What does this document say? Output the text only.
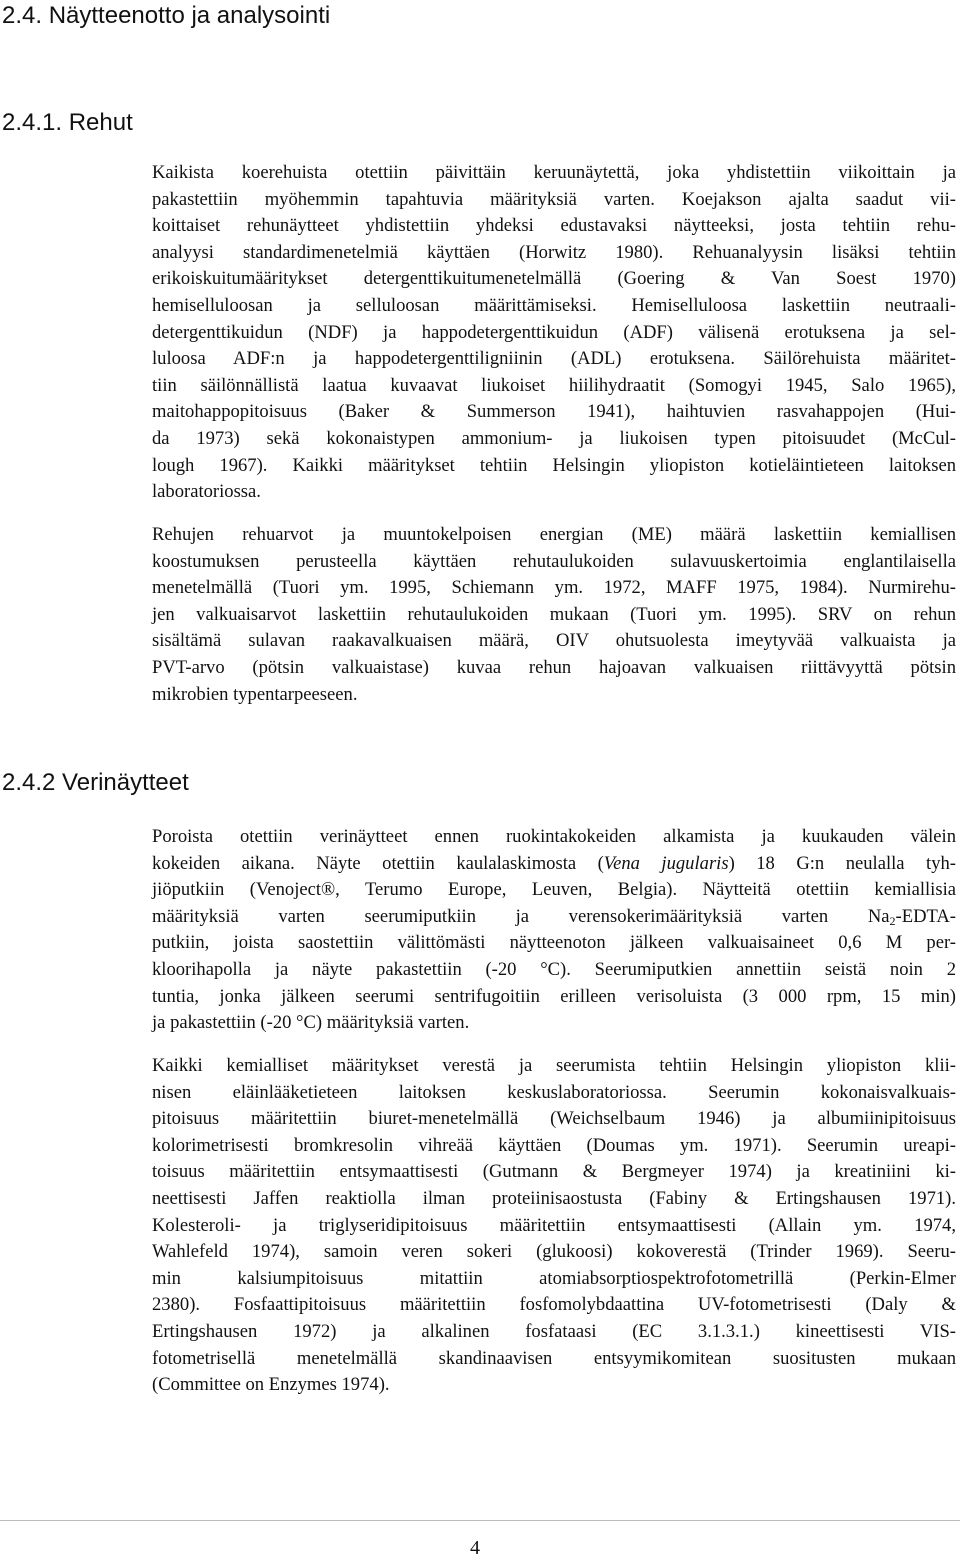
2.4. Näytteenotto ja analysointi
2.4.1. Rehut
Kaikista koerehuista otettiin päivittäin keruunäytettä, joka yhdistettiin viikoittain ja
pakastettiin myöhemmin tapahtuvia määrityksiä varten. Koejakson ajalta saadut vii-
koittaiset rehunäytteet yhdistettiin yhdeksi edustavaksi näytteeksi, josta tehtiin rehu-
analyysi standardimenetelmiä käyttäen (Horwitz 1980). Rehuanalyysin lisäksi tehtiin
erikoiskuitumääritykset detergenttikuitumenetelmällä (Goering & Van Soest 1970)
hemiselluloosan ja selluloosan määrittämiseksi. Hemiselluloosa laskettiin neutraali-
detergenttikuidun (NDF) ja happodetergenttikuidun (ADF) välisenä erotuksena ja sel-
luloosa ADF:n ja happodetergenttiligniinin (ADL) erotuksena. Säilörehuista määritet-
tiin säilönnällistä laatua kuvaavat liukoiset hiilihydraatit (Somogyi 1945, Salo 1965),
maitohappopitoisuus (Baker & Summerson 1941), haihtuvien rasvahappojen (Hui-
da 1973) sekä kokonaistypen ammonium- ja liukoisen typen pitoisuudet (McCul-
lough 1967). Kaikki määritykset tehtiin Helsingin yliopiston kotieläintieteen laitoksen
laboratoriossa.
Rehujen rehuarvot ja muuntokelpoisen energian (ME) määrä laskettiin kemiallisen
koostumuksen perusteella käyttäen rehutaulukoiden sulavuuskertoimia englantilaisella
menetelmällä (Tuori ym. 1995, Schiemann ym. 1972, MAFF 1975, 1984). Nurmirehu-
jen valkuaisarvot laskettiin rehutaulukoiden mukaan (Tuori ym. 1995). SRV on rehun
sisältämä sulavan raakavalkuaisen määrä, OIV ohutsuolesta imeytyvää valkuaista ja
PVT-arvo (pötsin valkuaistase) kuvaa rehun hajoavan valkuaisen riittävyyttä pötsin
mikrobien typentarpeeseen.
2.4.2 Verinäytteet
Poroista otettiin verinäytteet ennen ruokintakokeiden alkamista ja kuukauden välein
kokeiden aikana. Näyte otettiin kaulalaskimosta (Vena jugularis) 18 G:n neulalla tyh-
jiöputkiin (Venoject®, Terumo Europe, Leuven, Belgia). Näytteitä otettiin kemiallisia
määrityksiä varten seerumiputkiin ja verensokerimäärityksiä varten $Na_2-EDTA-$
putkiin, joista saostettiin välittömästi näytteenoton jälkeen valkuaisaineet 0,6 M per-
kloorihapolla ja näyte pakastettiin (-20 °C). Seerumiputkien annettiin seistä noin 2
tuntia, jonka jälkeen seerumi sentrifugoitiin erilleen verisoluista (3 000 rpm, 15 min)
ja pakastettiin (-20 °C) määrityksiä varten.
Kaikki kemialliset määritykset verestä ja seerumista tehtiin Helsingin yliopiston klii-
nisen eläinlääketieteen laitoksen keskuslaboratoriossa. Seerumin kokonaisvalkuais-
pitoisuus määritettiin biuret-menetelmällä (Weichselbaum 1946) ja albumiinipitoisuus
kolorimetrisesti bromkresolin vihreää käyttäen (Doumas ym. 1971). Seerumin ureapi-
toisuus määritettiin entsymaattisesti (Gutmann & Bergmeyer 1974) ja kreatiniini ki-
neettisesti Jaffen reaktiolla ilman proteiinisaostusta (Fabiny & Ertingshausen 1971).
Kolesteroli- ja triglyseridipitoisuus määritettiin entsymaattisesti (Allain ym. 1974,
Wahlefeld 1974), samoin veren sokeri (glukoosi) kokoverestä (Trinder 1969). Seeru-
min kalsiumpitoisuus mitattiin atomiabsorptiospektrofotometrillä (Perkin-Elmer
2380). Fosfaattipitoisuus määritettiin fosfomolybdaattina UV-fotometrisesti (Daly &
Ertingshausen 1972) ja alkalinen fosfataasi (EC 3.1.3.1.) kineettisesti VIS-
fotometrisellä menetelmällä skandinaavisen entsyymikomitean suositusten mukaan
(Committee on Enzymes 1974).
4
